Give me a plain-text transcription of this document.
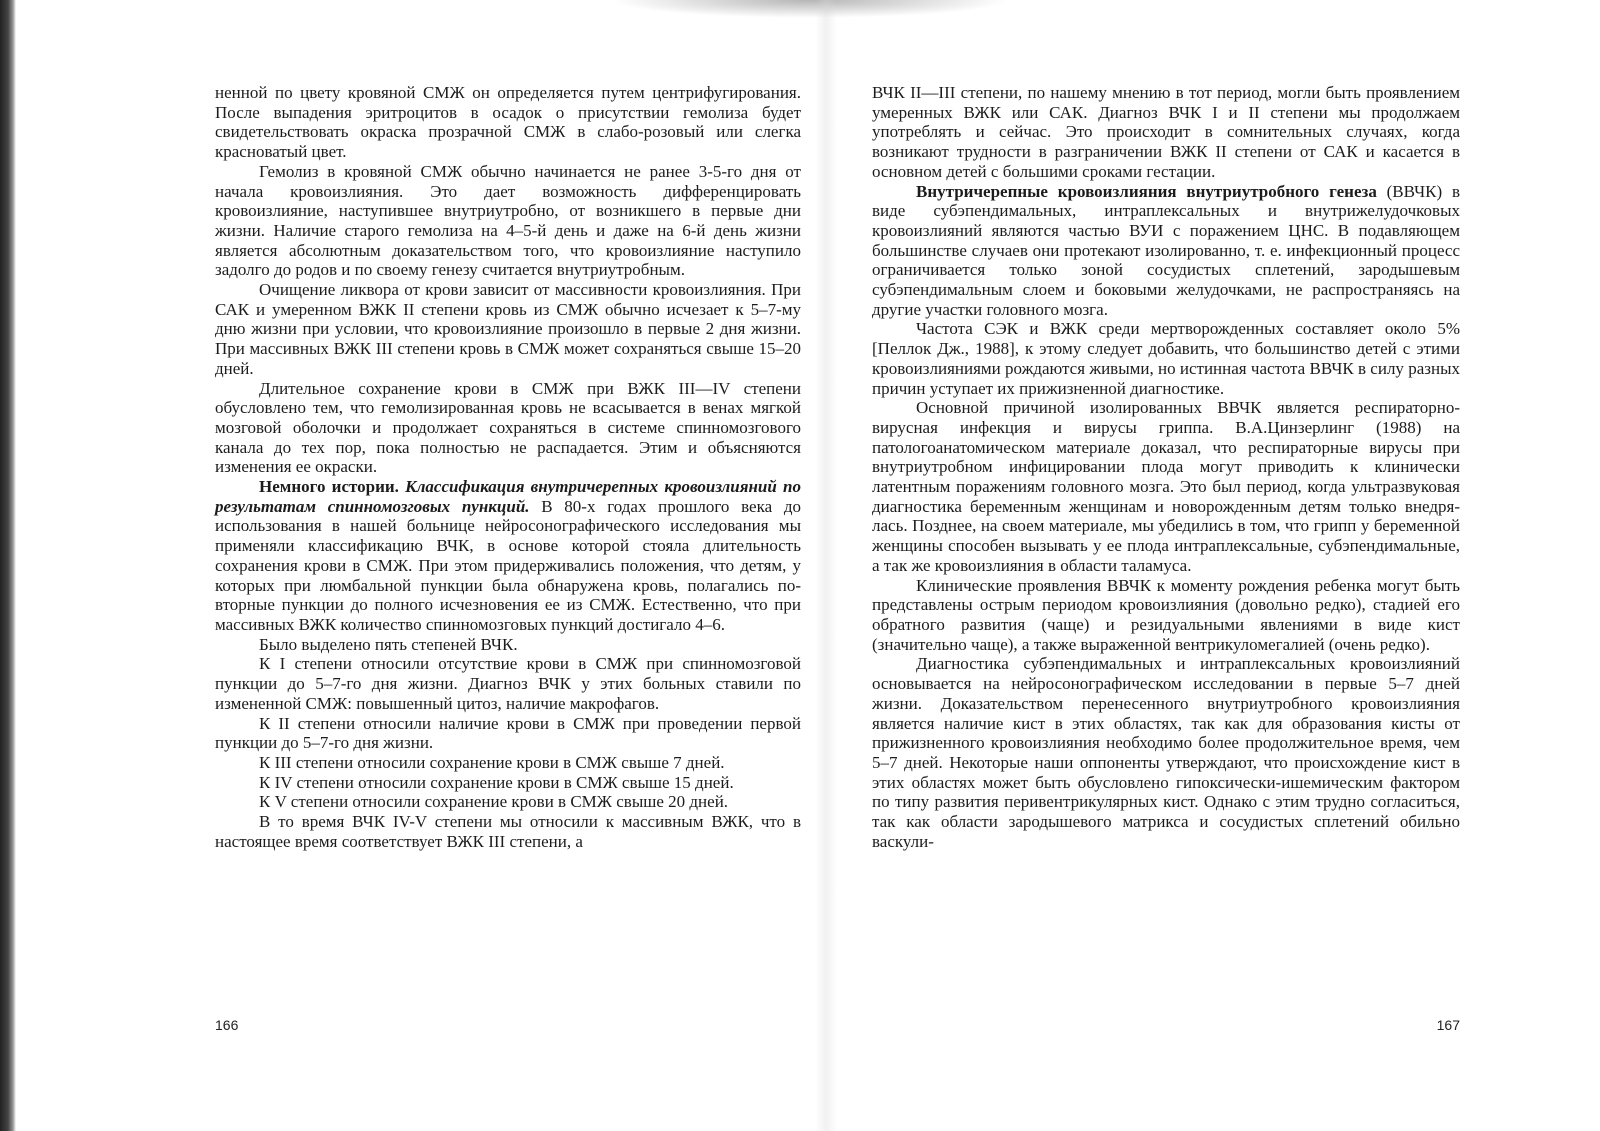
ненной по цвету кровяной СМЖ он определяется путем центрифугирования. После выпадения эритроцитов в осадок о присутствии гемолиза будет свидетельствовать окраска прозрачной СМЖ в слабо-розовый или слегка красноватый цвет.

Гемолиз в кровяной СМЖ обычно начинается не ранее 3-5-го дня от начала кровоизлияния. Это дает возможность дифференцировать кровоизлияние, наступившее внутриутробно, от возникшего в первые дни жизни. Наличие старого гемолиза на 4–5-й день и даже на 6-й день жизни является абсолютным доказательством того, что кровоизлияние наступило задолго до родов и по своему генезу считается внутриутробным.

Очищение ликвора от крови зависит от массивности кровоизлияния. При САК и умеренном ВЖК II степени кровь из СМЖ обычно исчезает к 5–7-му дню жизни при условии, что кровоизлияние произошло в первые 2 дня жизни. При массивных ВЖК III степени кровь в СМЖ может сохраняться свыше 15–20 дней.

Длительное сохранение крови в СМЖ при ВЖК III—IV степени обусловлено тем, что гемолизированная кровь не всасывается в венах мягкой мозговой оболочки и продолжает сохраняться в системе спинномозгового канала до тех пор, пока полностью не распадается. Этим и объясняются изменения ее окраски.

Немного истории. Классификация внутричерепных кровоизлияний по результатам спинномозговых пункций. В 80-х годах прошлого века до использования в нашей больнице нейросонографического исследования мы применяли классификацию ВЧК, в основе которой стояла длительность сохранения крови в СМЖ. При этом придерживались положения, что детям, у которых при люмбальной пункции была обнаружена кровь, полагались повторные пункции до полного исчезновения ее из СМЖ. Естественно, что при массивных ВЖК количество спинномозговых пункций достигало 4–6.

Было выделено пять степеней ВЧК.

К I степени относили отсутствие крови в СМЖ при спинномозговой пункции до 5–7-го дня жизни. Диагноз ВЧК у этих больных ставили по измененной СМЖ: повышенный цитоз, наличие макрофагов.

К II степени относили наличие крови в СМЖ при проведении первой пункции до 5–7-го дня жизни.

К III степени относили сохранение крови в СМЖ свыше 7 дней.

К IV степени относили сохранение крови в СМЖ свыше 15 дней.

К V степени относили сохранение крови в СМЖ свыше 20 дней.

В то время ВЧК IV-V степени мы относили к массивным ВЖК, что в настоящее время соответствует ВЖК III степени, а

166

ВЧК II—III степени, по нашему мнению в тот период, могли быть проявлением умеренных ВЖК или САК. Диагноз ВЧК I и II степени мы продолжаем употреблять и сейчас. Это происходит в сомнительных случаях, когда возникают трудности в разграничении ВЖК II степени от САК и касается в основном детей с большими сроками гестации.

Внутричерепные кровоизлияния внутриутробного генеза (ВВЧК) в виде субэпендимальных, интраплексальных и внутрижелудочковых кровоизлияний являются частью ВУИ с поражением ЦНС. В подавляющем большинстве случаев они протекают изолированно, т. е. инфекционный процесс ограничивается только зоной сосудистых сплетений, зародышевым субэпендимальным слоем и боковыми желудочками, не распространяясь на другие участки головного мозга.

Частота СЭК и ВЖК среди мертворожденных составляет около 5% [Пеллок Дж., 1988], к этому следует добавить, что большинство детей с этими кровоизлияниями рождаются живыми, но истинная частота ВВЧК в силу разных причин уступает их прижизненной диагностике.

Основной причиной изолированных ВВЧК является респираторно-вирусная инфекция и вирусы гриппа. В.А.Цинзерлинг (1988) на патологоанатомическом материале доказал, что респираторные вирусы при внутриутробном инфицировании плода могут приводить к клинически латентным поражениям головного мозга. Это был период, когда ультразвуковая диагностика беременным женщинам и новорожденным детям только внедрялась. Позднее, на своем материале, мы убедились в том, что грипп у беременной женщины способен вызывать у ее плода интраплексальные, субэпендимальные, а так же кровоизлияния в области таламуса.

Клинические проявления ВВЧК к моменту рождения ребенка могут быть представлены острым периодом кровоизлияния (довольно редко), стадией его обратного развития (чаще) и резидуальными явлениями в виде кист (значительно чаще), а также выраженной вентрикуломегалией (очень редко).

Диагностика субэпендимальных и интраплексальных кровоизлияний основывается на нейросонографическом исследовании в первые 5–7 дней жизни. Доказательством перенесенного внутриутробного кровоизлияния является наличие кист в этих областях, так как для образования кисты от прижизненного кровоизлияния необходимо более продолжительное время, чем 5–7 дней. Некоторые наши оппоненты утверждают, что происхождение кист в этих областях может быть обусловлено гипоксически-ишемическим фактором по типу развития перивентрикулярных кист. Однако с этим трудно согласиться, так как области зародышевого матрикса и сосудистых сплетений обильно васкули-

167
